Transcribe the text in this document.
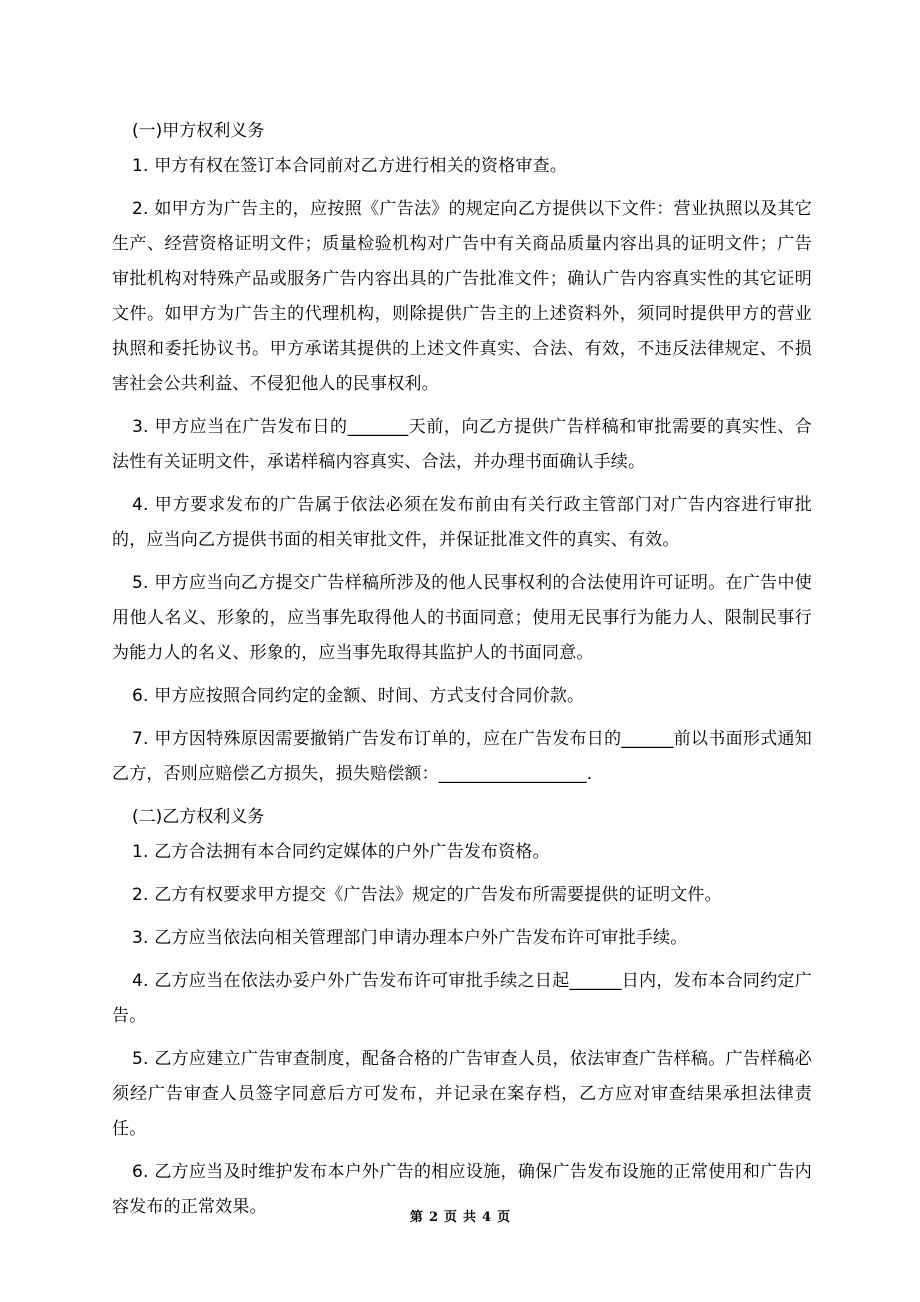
(一)甲方权利义务

1. 甲方有权在签订本合同前对乙方进行相关的资格审查。

2. 如甲方为广告主的，应按照《广告法》的规定向乙方提供以下文件：营业执照以及其它生产、经营资格证明文件；质量检验机构对广告中有关商品质量内容出具的证明文件；广告审批机构对特殊产品或服务广告内容出具的广告批准文件；确认广告内容真实性的其它证明文件。如甲方为广告主的代理机构，则除提供广告主的上述资料外，须同时提供甲方的营业执照和委托协议书。甲方承诺其提供的上述文件真实、合法、有效，不违反法律规定、不损害社会公共利益、不侵犯他人的民事权利。

3. 甲方应当在广告发布日的_______天前，向乙方提供广告样稿和审批需要的真实性、合法性有关证明文件，承诺样稿内容真实、合法，并办理书面确认手续。

4. 甲方要求发布的广告属于依法必须在发布前由有关行政主管部门对广告内容进行审批的，应当向乙方提供书面的相关审批文件，并保证批准文件的真实、有效。

5. 甲方应当向乙方提交广告样稿所涉及的他人民事权利的合法使用许可证明。在广告中使用他人名义、形象的，应当事先取得他人的书面同意；使用无民事行为能力人、限制民事行为能力人的名义、形象的，应当事先取得其监护人的书面同意。

6. 甲方应按照合同约定的金额、时间、方式支付合同价款。

7. 甲方因特殊原因需要撤销广告发布订单的，应在广告发布日的______前以书面形式通知乙方，否则应赔偿乙方损失，损失赔偿额：_________________.

(二)乙方权利义务

1. 乙方合法拥有本合同约定媒体的户外广告发布资格。

2. 乙方有权要求甲方提交《广告法》规定的广告发布所需要提供的证明文件。

3. 乙方应当依法向相关管理部门申请办理本户外广告发布许可审批手续。

4. 乙方应当在依法办妥户外广告发布许可审批手续之日起______日内，发布本合同约定广告。

5. 乙方应建立广告审查制度，配备合格的广告审查人员，依法审查广告样稿。广告样稿必须经广告审查人员签字同意后方可发布，并记录在案存档，乙方应对审查结果承担法律责任。

6. 乙方应当及时维护发布本户外广告的相应设施，确保广告发布设施的正常使用和广告内容发布的正常效果。

第 2 页 共 4 页
